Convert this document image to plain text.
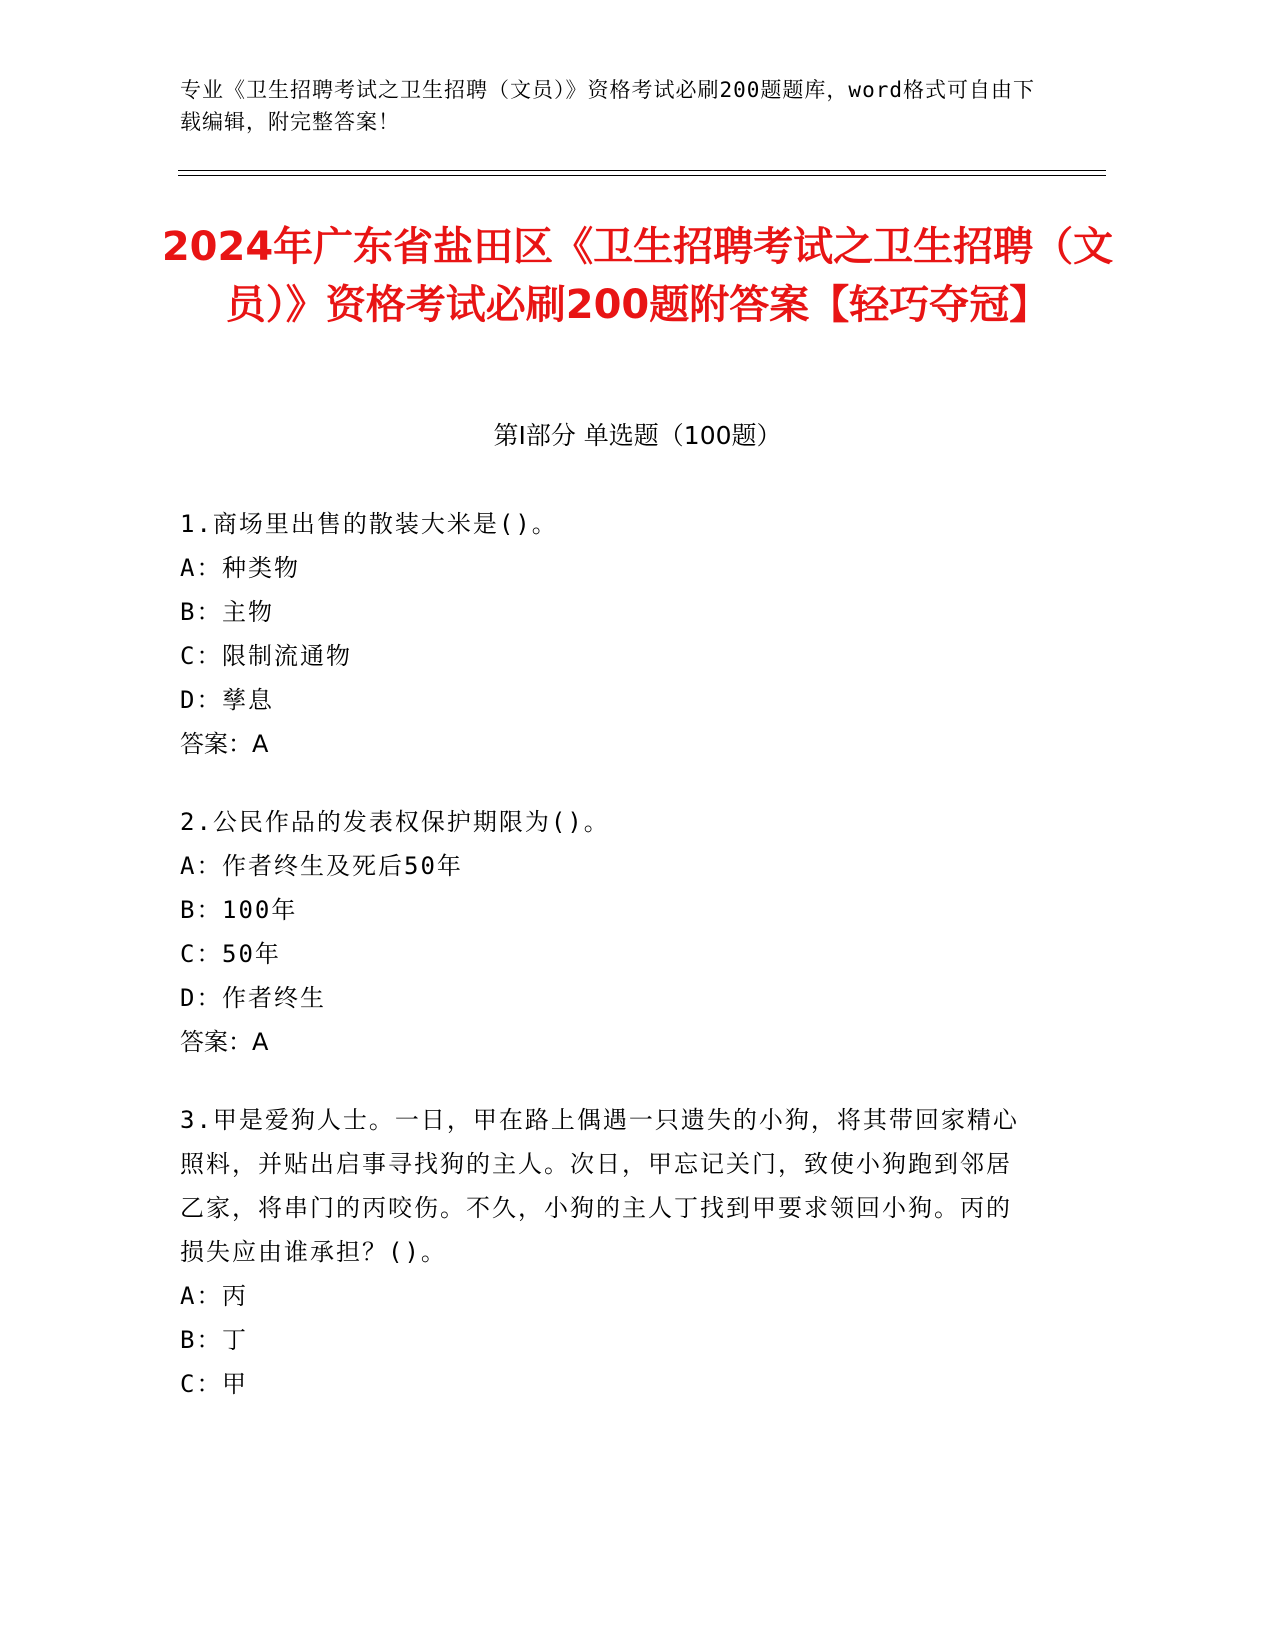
专业《卫生招聘考试之卫生招聘（文员）》资格考试必刷200题题库，word格式可自由下载编辑，附完整答案！
2024年广东省盐田区《卫生招聘考试之卫生招聘（文员）》资格考试必刷200题附答案【轻巧夺冠】
第I部分 单选题（100题）
1.商场里出售的散装大米是()。
A： 种类物
B： 主物
C： 限制流通物
D： 孳息
答案：A
2.公民作品的发表权保护期限为()。
A： 作者终生及死后50年
B： 100年
C： 50年
D： 作者终生
答案：A
3.甲是爱狗人士。一日，甲在路上偶遇一只遗失的小狗，将其带回家精心照料，并贴出启事寻找狗的主人。次日，甲忘记关门，致使小狗跑到邻居乙家，将串门的丙咬伤。不久，小狗的主人丁找到甲要求领回小狗。丙的损失应由谁承担？()。
A： 丙
B： 丁
C： 甲
